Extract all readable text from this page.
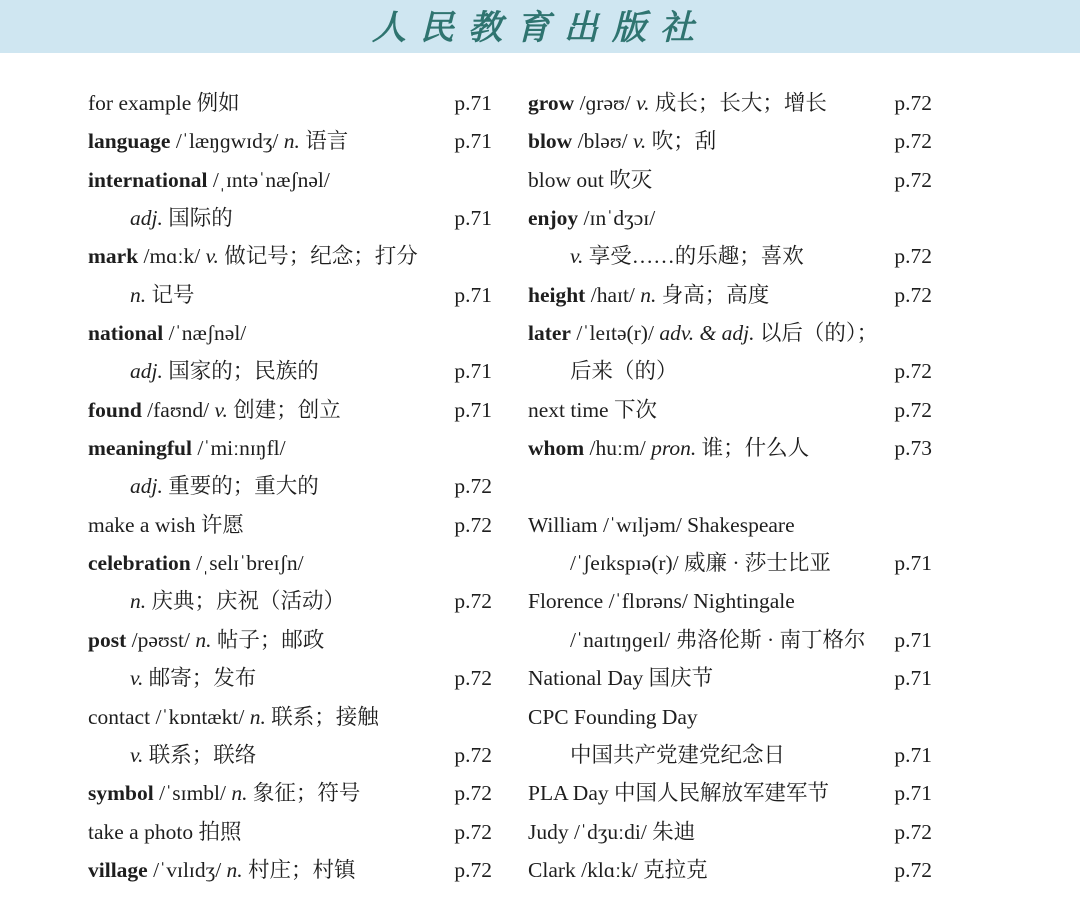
人民教育出版社
for example 例如	p.71
language /ˈlæŋɡwɪdʒ/ n. 语言	p.71
international /ˌɪntəˈnæʃnəl/
adj. 国际的	p.71
mark /mɑːk/ v. 做记号；纪念；打分
n. 记号	p.71
national /ˈnæʃnəl/
adj. 国家的；民族的	p.71
found /faʊnd/ v. 创建；创立	p.71
meaningful /ˈmiːnɪŋfl/
adj. 重要的；重大的	p.72
make a wish 许愿	p.72
celebration /ˌselɪˈbreɪʃn/
n. 庆典；庆祝（活动）	p.72
post /pəʊst/ n. 帖子；邮政
v. 邮寄；发布	p.72
contact /ˈkɒntækt/ n. 联系；接触
v. 联系；联络	p.72
symbol /ˈsɪmbl/ n. 象征；符号	p.72
take a photo 拍照	p.72
village /ˈvɪlɪdʒ/ n. 村庄；村镇	p.72
grow /ɡrəʊ/ v. 成长；长大；增长	p.72
blow /bləʊ/ v. 吹；刮	p.72
blow out 吹灭	p.72
enjoy /ɪnˈdʒɔɪ/
v. 享受……的乐趣；喜欢	p.72
height /haɪt/ n. 身高；高度	p.72
later /ˈleɪtə(r)/ adv. & adj. 以后（的）；
后来（的）	p.72
next time 下次	p.72
whom /huːm/ pron. 谁；什么人	p.73
William /ˈwɪljəm/ Shakespeare
/ˈʃeɪkspɪə(r)/ 威廉 · 莎士比亚	p.71
Florence /ˈflɒrəns/ Nightingale
/ˈnaɪtɪŋɡeɪl/ 弗洛伦斯 · 南丁格尔 p.71
National Day 国庆节	p.71
CPC Founding Day
中国共产党建党纪念日	p.71
PLA Day 中国人民解放军建军节	p.71
Judy /ˈdʒuːdi/ 朱迪	p.72
Clark /klɑːk/ 克拉克	p.72
